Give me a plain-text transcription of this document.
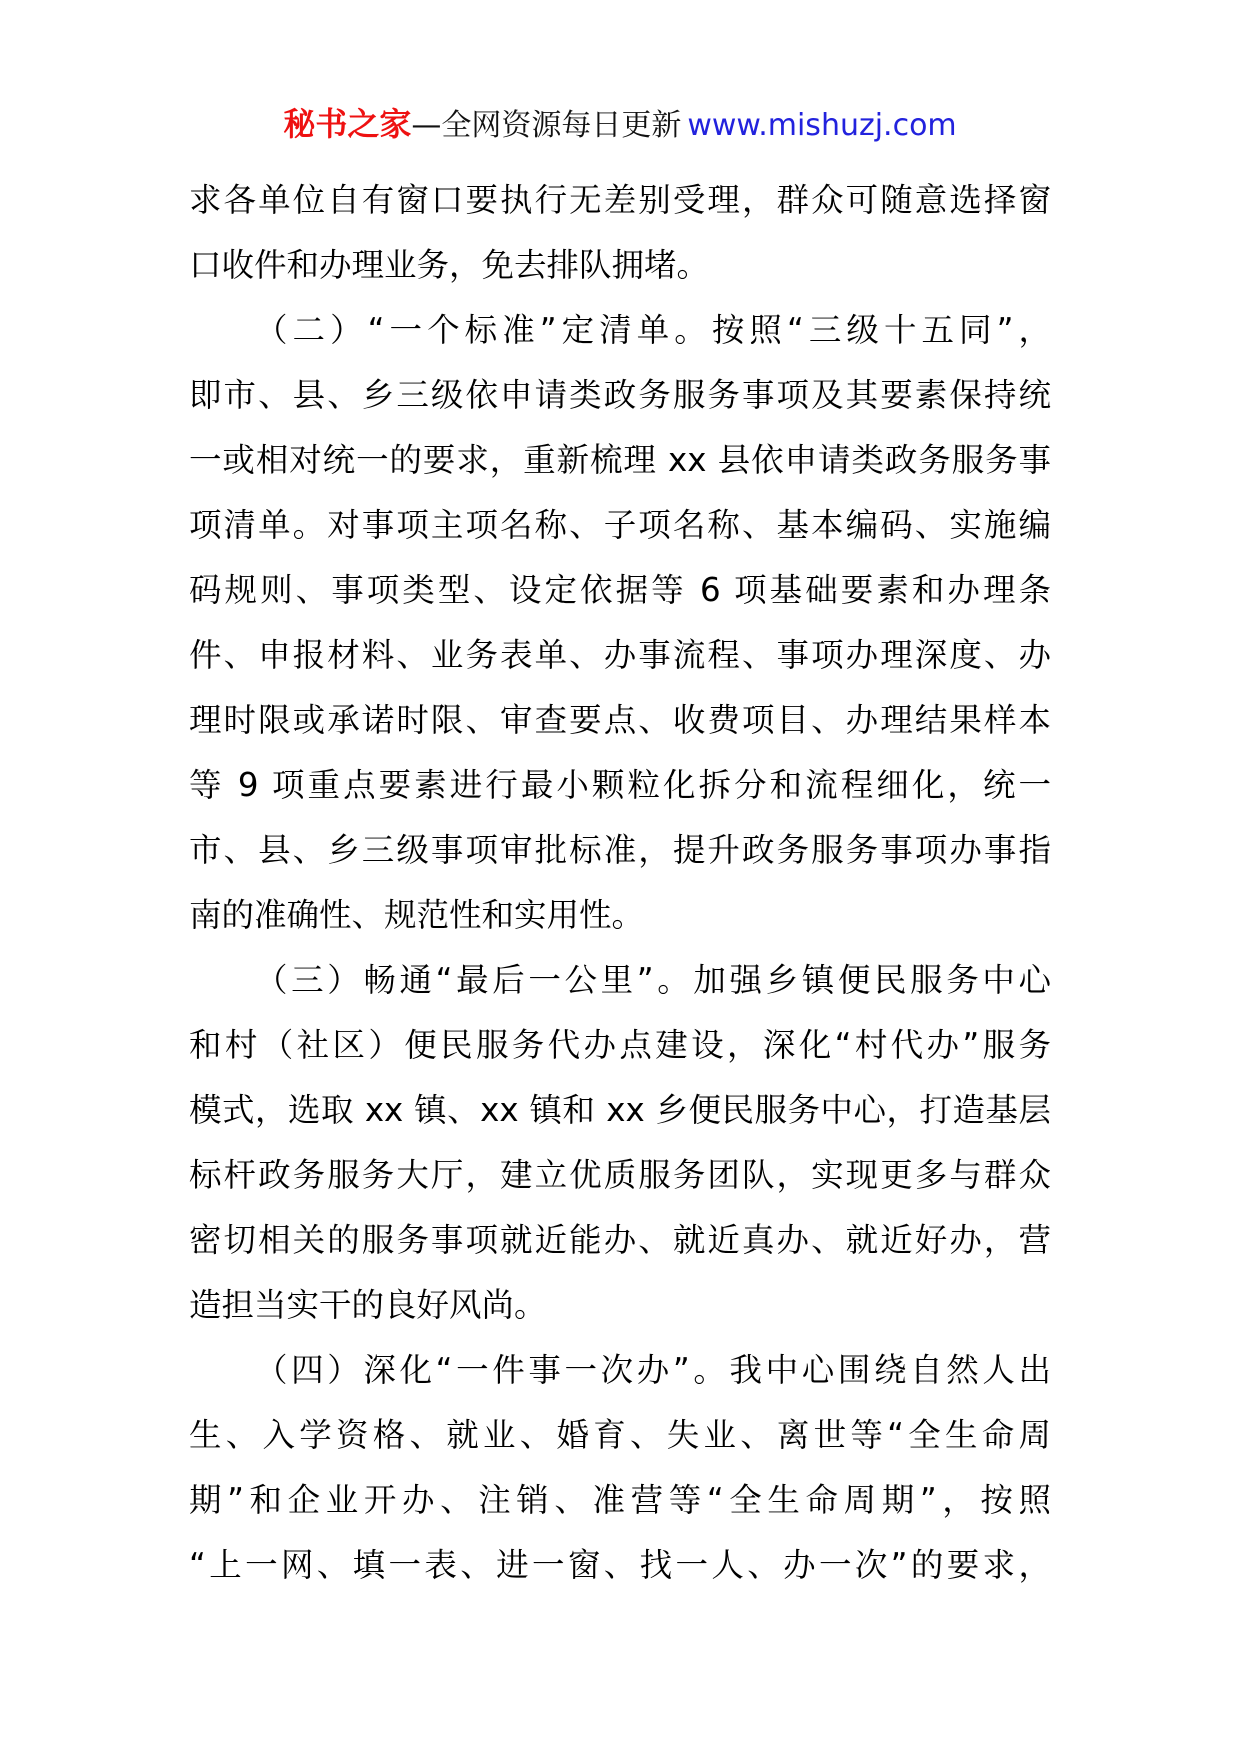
秘书之家—全网资源每日更新 www.mishuzj.com
求各单位自有窗口要执行无差别受理，群众可随意选择窗
口收件和办理业务，免去排队拥堵。
（二）“一个标准”定清单。按照“三级十五同”，
即市、县、乡三级依申请类政务服务事项及其要素保持统
一或相对统一的要求，重新梳理 xx 县依申请类政务服务事
项清单。对事项主项名称、子项名称、基本编码、实施编
码规则、事项类型、设定依据等 6 项基础要素和办理条
件、申报材料、业务表单、办事流程、事项办理深度、办
理时限或承诺时限、审查要点、收费项目、办理结果样本
等 9 项重点要素进行最小颗粒化拆分和流程细化，统一
市、县、乡三级事项审批标准，提升政务服务事项办事指
南的准确性、规范性和实用性。
（三）畅通“最后一公里”。加强乡镇便民服务中心
和村（社区）便民服务代办点建设，深化“村代办”服务
模式，选取 xx 镇、xx 镇和 xx 乡便民服务中心，打造基层
标杆政务服务大厅，建立优质服务团队，实现更多与群众
密切相关的服务事项就近能办、就近真办、就近好办，营
造担当实干的良好风尚。
（四）深化“一件事一次办”。我中心围绕自然人出
生、入学资格、就业、婚育、失业、离世等“全生命周
期”和企业开办、注销、准营等“全生命周期”，按照
“上一网、填一表、进一窗、找一人、办一次”的要求，
